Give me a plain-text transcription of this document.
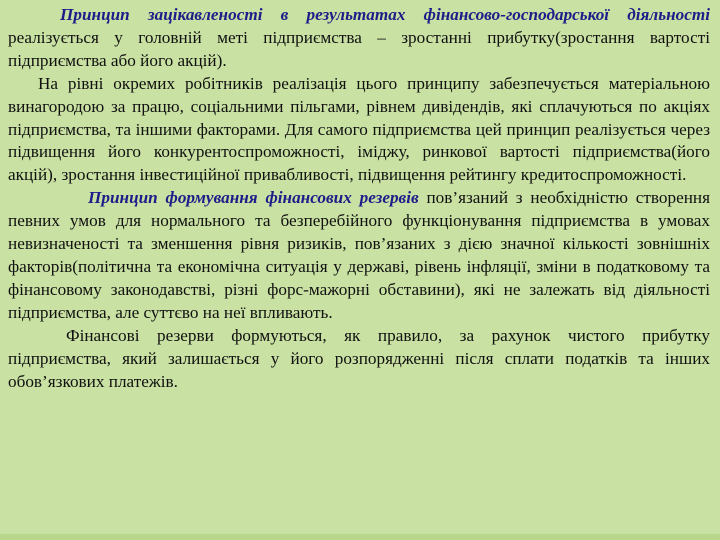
Принцип зацікавленості в результатах фінансово-господарської діяльності реалізується у головній меті підприємства – зростанні прибутку(зростання вартості підприємства або його акцій).

На рівні окремих робітників реалізація цього принципу забезпечується матеріальною винагородою за працю, соціальними пільгами, рівнем дивідендів, які сплачуються по акціях підприємства, та іншими факторами. Для самого підприємства цей принцип реалізується через підвищення його конкурентоспроможності, іміджу, ринкової вартості підприємства(його акцій), зростання інвестиційної привабливості, підвищення рейтингу кредитоспроможності.

Принцип формування фінансових резервів пов’язаний з необхідністю створення певних умов для нормального та безперебійного функціонування підприємства в умовах невизначеності та зменшення рівня ризиків, пов’язаних з дією значної кількості зовнішніх факторів(політична та економічна ситуація у державі, рівень інфляції, зміни в податковому та фінансовому законодавстві, різні форс-мажорні обставини), які не залежать від діяльності підприємства, але суттєво на неї впливають.

Фінансові резерви формуються, як правило, за рахунок чистого прибутку підприємства, який залишається у його розпорядженні після сплати податків та інших обов’язкових платежів.
